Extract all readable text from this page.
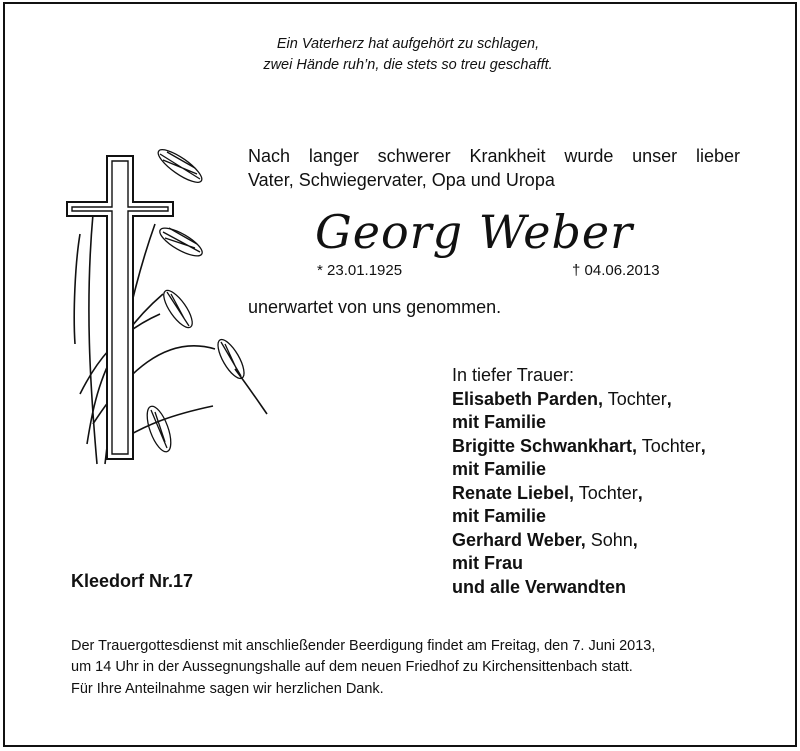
Ein Vaterherz hat aufgehört zu schlagen,
zwei Hände ruh’n, die stets so treu geschafft.
Nach langer schwerer Krankheit wurde unser lieber
Vater, Schwiegervater, Opa und Uropa
Georg Weber
* 23.01.1925	† 04.06.2013
unerwartet von uns genommen.
In tiefer Trauer:
Elisabeth Parden, Tochter,
mit Familie
Brigitte Schwankhart, Tochter,
mit Familie
Renate Liebel, Tochter,
mit Familie
Gerhard Weber, Sohn,
mit Frau
und alle Verwandten
Kleedorf Nr.17
Der Trauergottesdienst mit anschließender Beerdigung findet am Freitag, den 7. Juni 2013,
um 14 Uhr in der Aussegnungshalle auf dem neuen Friedhof zu Kirchensittenbach statt.
Für Ihre Anteilnahme sagen wir herzlichen Dank.
